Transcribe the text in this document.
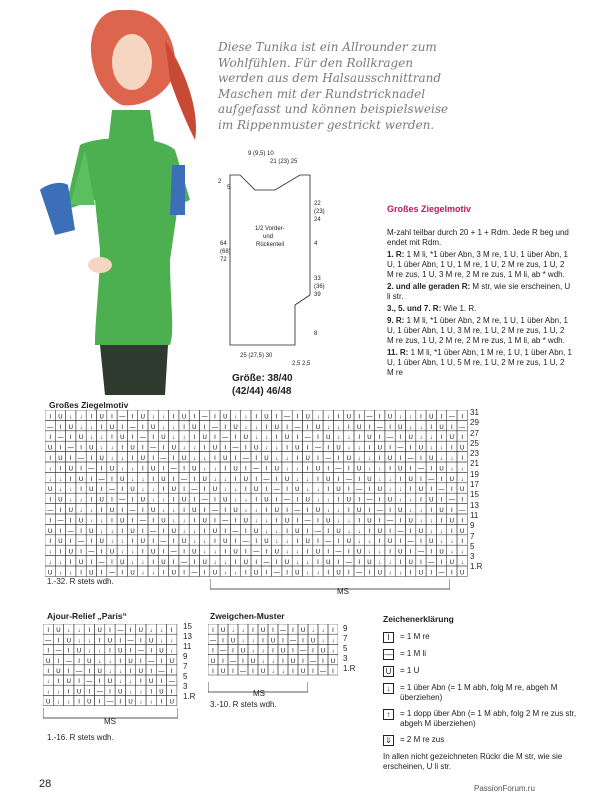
Diese Tunika ist ein Allrounder zum Wohlfühlen. Für den Rollkragen werden aus dem Halsausschnittrand Maschen mit der Rundstricknadel aufgefasst und können beispielsweise im Rippenmuster gestrickt werden.
9 (9,5) 10
21 (23) 25
2
5
1/2 Vorder-
und
Rückenteil
64
(68)
72
22
(23)
24
4
33
(36)
39
8
25 (27,5) 30
2,5 2,5
Größe: 38/40
(42/44) 46/48
Großes Ziegelmotiv

M-zahl teilbar durch 20 + 1 + Rdm. Jede R beg und endet mit Rdm.

1. R: 1 M li, *1 über Abn, 3 M re, 1 U, 1 über Abn, 1 U, 1 über Abn, 1 U, 1 M re, 1 U, 2 M re zus, 1 U, 2 M re zus, 1 U, 3 M re, 2 M re zus, 1 M li, ab * wdh.

2. und alle geraden R: M str, wie sie erscheinen, U li str.

3., 5. und 7. R: Wie 1. R.

9. R: 1 M li, *1 über Abn, 2 M re, 1 U, 1 über Abn, 1 U, 1 über Abn, 1 U, 3 M re, 1 U, 2 M re zus, 1 U, 2 M re zus, 1 U, 2 M re, 2 M re zus, 1 M li, ab * wdh.

11. R: 1 M li, *1 über Abn, 1 M re, 1 U, 1 über Abn, 1 U, 1 über Abn, 1 U, 5 M re, 1 U, 2 M re zus, 1 U, 2 M re

Großes Ziegelmotiv
I U ↓ ↓ I U I — I U ↓ ↓ I U I — I U ↓ ↓ I U I — I U ↓ ↓ I U I — I U ↓ ↓ I U I — I
— I U ↓ ↓ I U I — I U ↓ ↓ I U I — I U ↓ ↓ I U I — I U ↓ ↓ I U I — I U ↓ ↓ I U I —
I — I U ↓ ↓ I U I — I U ↓ ↓ I U I — I U ↓ ↓ I U I — I U ↓ ↓ I U I — I U ↓ ↓ I U I
U I — I U ↓ ↓ I U I — I U ↓ ↓ I U I — I U ↓ ↓ I U I — I U ↓ ↓ I U I — I U ↓ ↓ I U
I U I — I U ↓ ↓ I U I — I U ↓ ↓ I U I — I U ↓ ↓ I U I — I U ↓ ↓ I U I — I U ↓ ↓ I
↓ I U I — I U ↓ ↓ I U I — I U ↓ ↓ I U I — I U ↓ ↓ I U I — I U ↓ ↓ I U I — I U ↓ ↓
↓ ↓ I U I — I U ↓ ↓ I U I — I U ↓ ↓ I U I — I U ↓ ↓ I U I — I U ↓ ↓ I U I — I U ↓
U ↓ ↓ I U I — I U ↓ ↓ I U I — I U ↓ ↓ I U I — I U ↓ ↓ I U I — I U ↓ ↓ I U I — I U
I U ↓ ↓ I U I — I U ↓ ↓ I U I — I U ↓ ↓ I U I — I U ↓ ↓ I U I — I U ↓ ↓ I U I — I
— I U ↓ ↓ I U I — I U ↓ ↓ I U I — I U ↓ ↓ I U I — I U ↓ ↓ I U I — I U ↓ ↓ I U I —
I — I U ↓ ↓ I U I — I U ↓ ↓ I U I — I U ↓ ↓ I U I — I U ↓ ↓ I U I — I U ↓ ↓ I U I
U I — I U ↓ ↓ I U I — I U ↓ ↓ I U I — I U ↓ ↓ I U I — I U ↓ ↓ I U I — I U ↓ ↓ I U
I U I — I U ↓ ↓ I U I — I U ↓ ↓ I U I — I U ↓ ↓ I U I — I U ↓ ↓ I U I — I U ↓ ↓ I
↓ I U I — I U ↓ ↓ I U I — I U ↓ ↓ I U I — I U ↓ ↓ I U I — I U ↓ ↓ I U I — I U ↓ ↓
↓ ↓ I U I — I U ↓ ↓ I U I — I U ↓ ↓ I U I — I U ↓ ↓ I U I — I U ↓ ↓ I U I — I U ↓
U ↓ ↓ I U I — I U ↓ ↓ I U I — I U ↓ ↓ I U I — I U ↓ ↓ I U I — I U ↓ ↓ I U I — I U
31
29
27
25
23
21
19
17
15
13
11
9
7
5
3
1.R
1.-32. R stets wdh.
MS
Ajour-Relief „Paris“
I U ↓ ↓ I U I — I U ↓ ↓ I
— I U ↓ ↓ I U I — I U ↓ ↓
I — I U ↓ ↓ I U I — I U ↓
U I — I U ↓ ↓ I U I — I U
I U I — I U ↓ ↓ I U I — I
↓ I U I — I U ↓ ↓ I U I —
↓ ↓ I U I — I U ↓ ↓ I U I
U ↓ ↓ I U I — I U ↓ ↓ I U
15
13
11
9
7
5
3
1.R
MS
1.-16. R stets wdh.
Zweigchen-Muster
I U ↓ ↓ I U I — I U ↓ ↓ I
— I U ↓ ↓ I U I — I U ↓ ↓
I — I U ↓ ↓ I U I — I U ↓
U I — I U ↓ ↓ I U I — I U
I U I — I U ↓ ↓ I U I — I
9
7
5
3
1.R
MS
3.-10. R stets wdh.
Zeichenerklärung
I	= 1 M re
— = 1 M li
U	= 1 U
↓	= 1 über Abn (= 1 M abh, folg M re, abgeh M überziehen)
↑	= 1 dopp über Abn (= 1 M abh, folg 2 M re zus str, abgeh M überziehen)
⇓ = 2 M re zus
In allen nicht gezeichneten Rückr die M str, wie sie erscheinen, U li str.
28	PassionForum.ru
